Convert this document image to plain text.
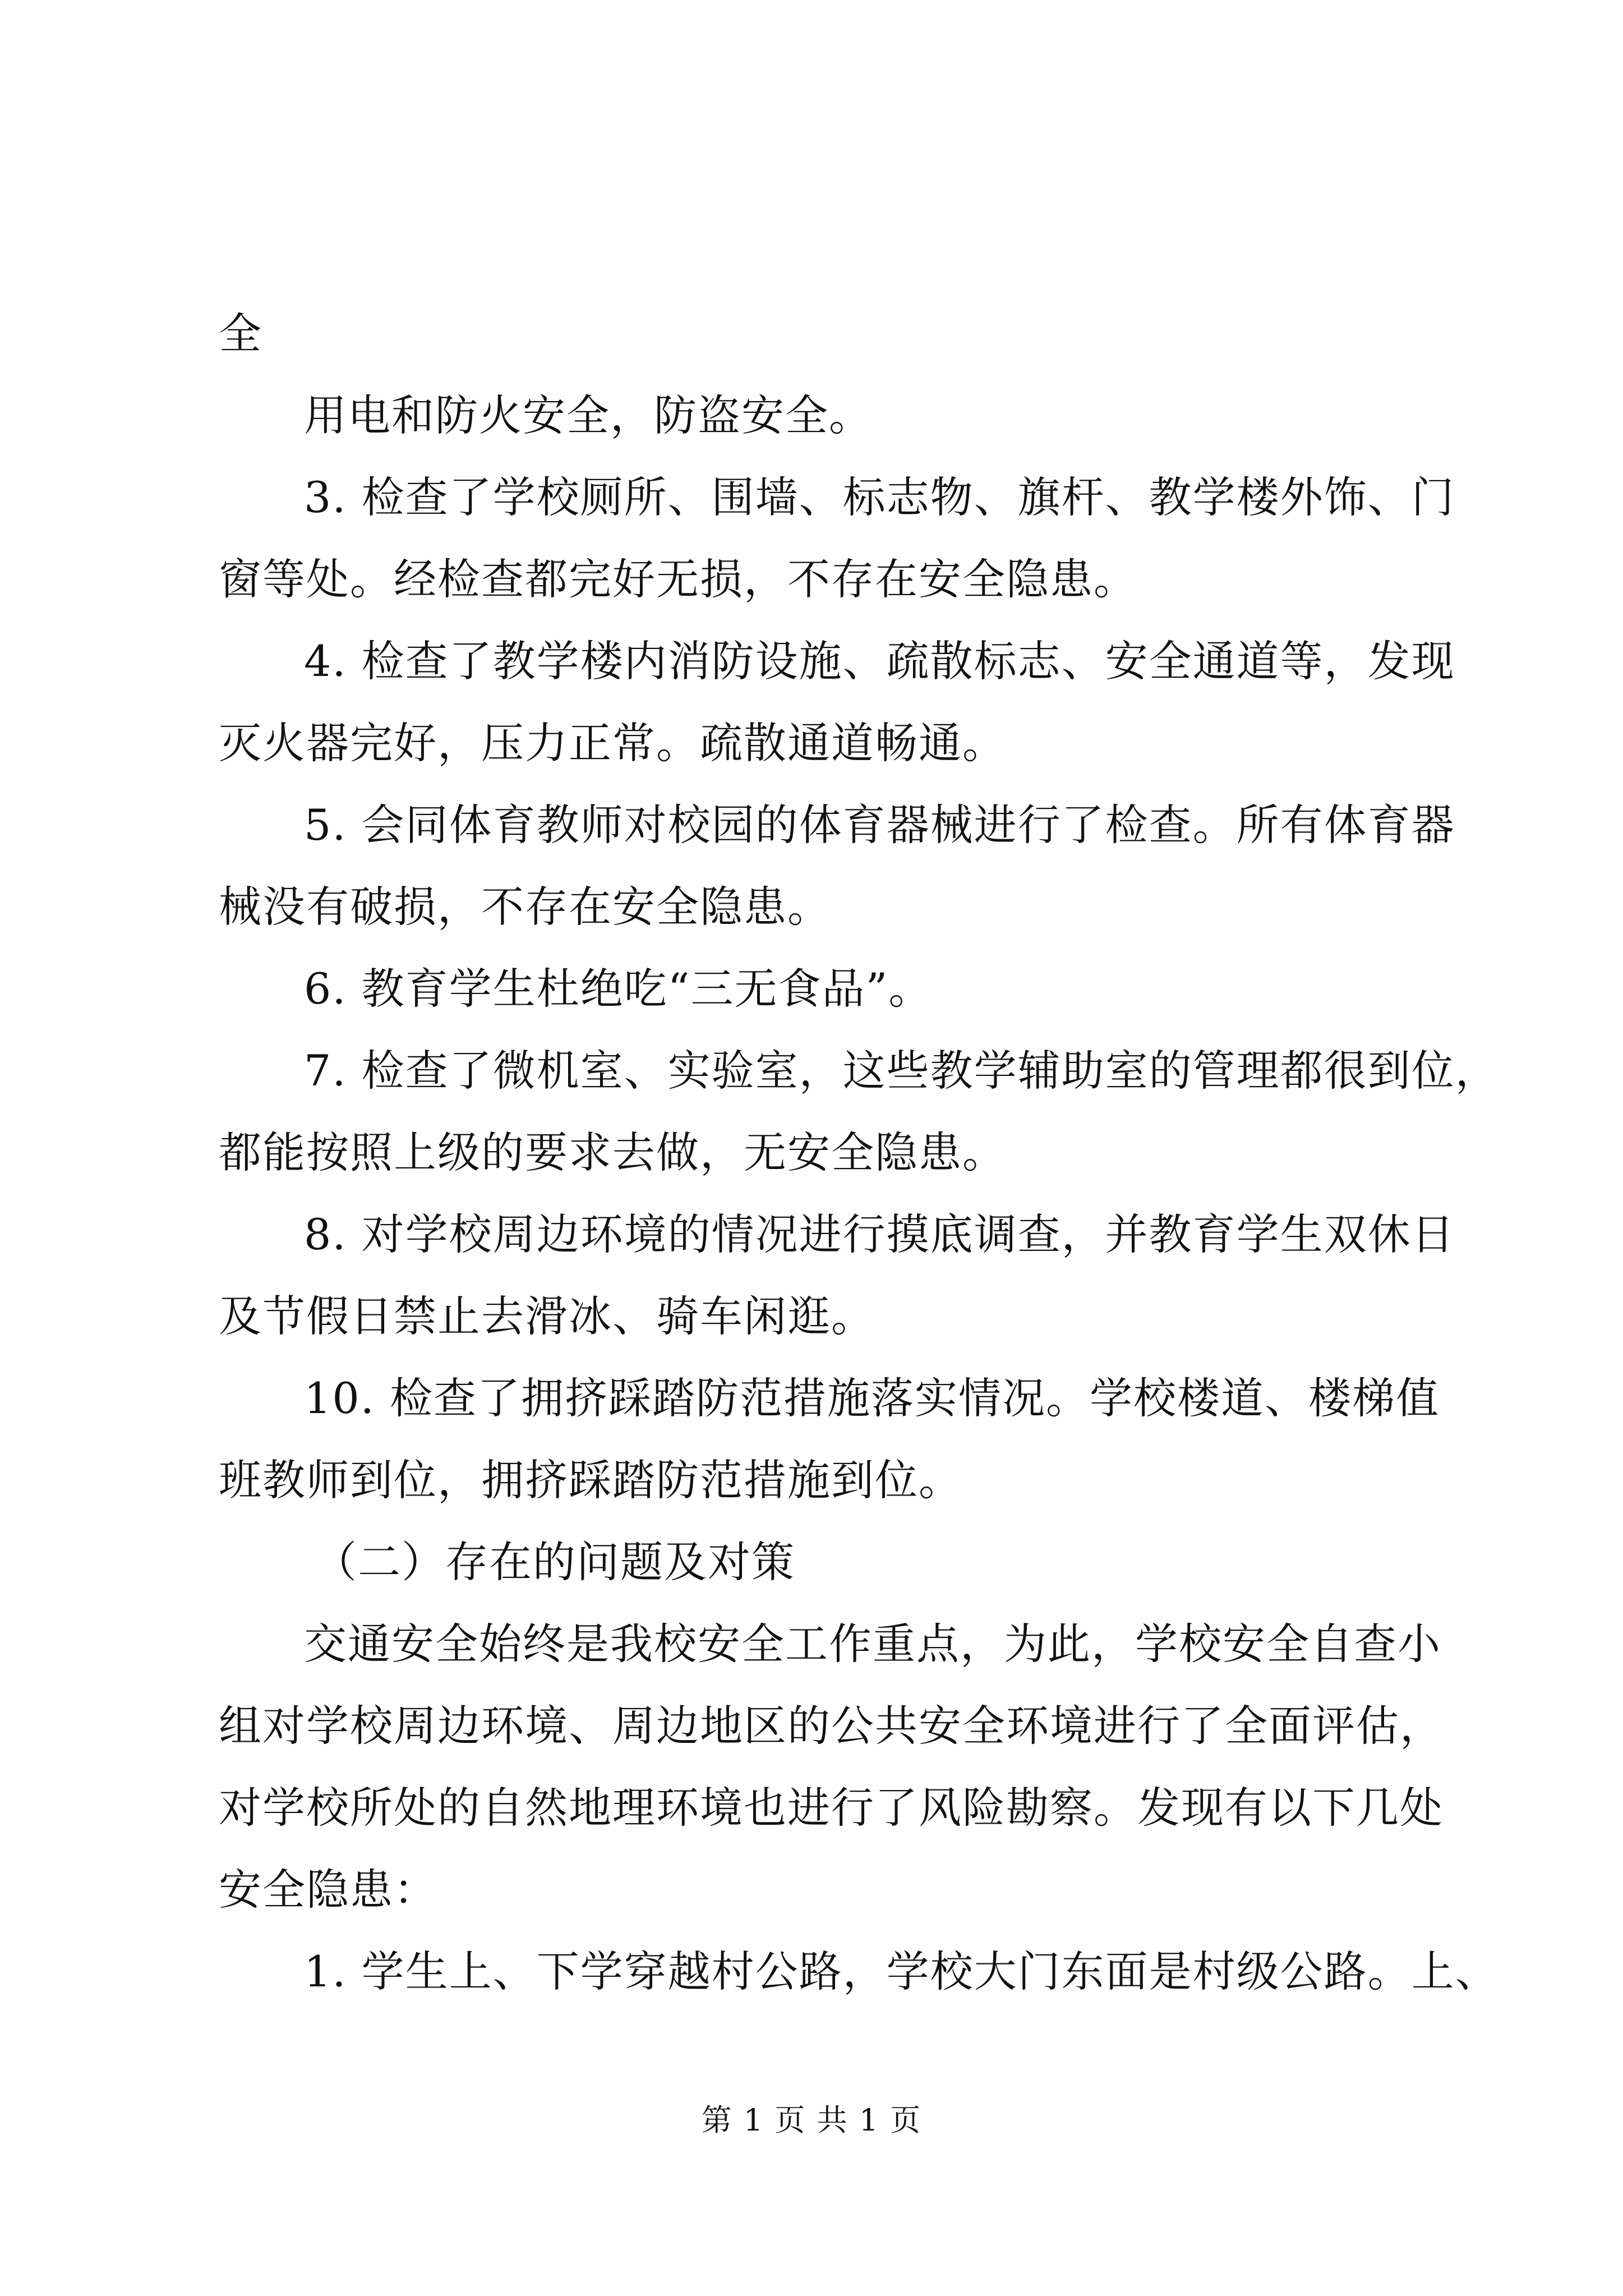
全
用电和防火安全，防盗安全。
3. 检查了学校厕所、围墙、标志物、旗杆、教学楼外饰、门
窗等处。经检查都完好无损，不存在安全隐患。
4. 检查了教学楼内消防设施、疏散标志、安全通道等，发现
灭火器完好，压力正常。疏散通道畅通。
5. 会同体育教师对校园的体育器械进行了检查。所有体育器
械没有破损，不存在安全隐患。
6. 教育学生杜绝吃“三无食品”。
7. 检查了微机室、实验室，这些教学辅助室的管理都很到位，
都能按照上级的要求去做，无安全隐患。
8. 对学校周边环境的情况进行摸底调查，并教育学生双休日
及节假日禁止去滑冰、骑车闲逛。
10. 检查了拥挤踩踏防范措施落实情况。学校楼道、楼梯值
班教师到位，拥挤踩踏防范措施到位。
（二）存在的问题及对策
交通安全始终是我校安全工作重点，为此，学校安全自查小
组对学校周边环境、周边地区的公共安全环境进行了全面评估，
对学校所处的自然地理环境也进行了风险勘察。发现有以下几处
安全隐患：
1. 学生上、下学穿越村公路，学校大门东面是村级公路。上、
第 1 页 共 1 页
